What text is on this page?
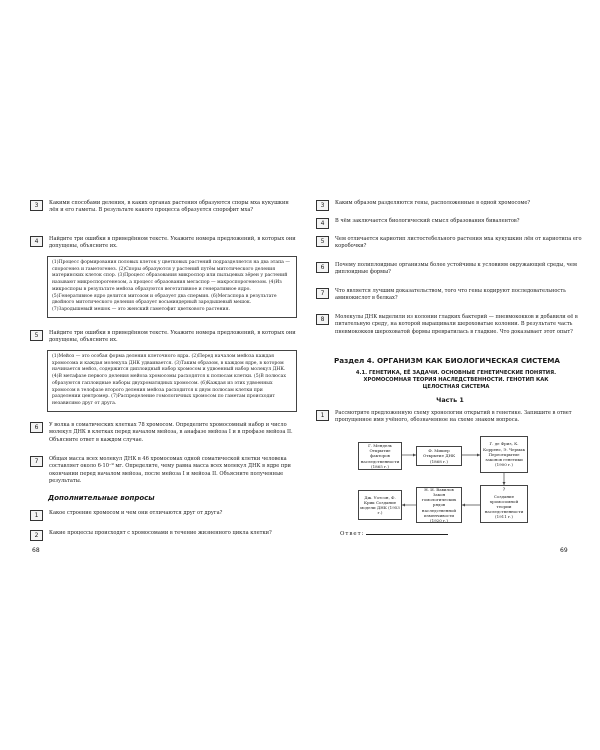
3	Какими способами деления, в каких органах растения образуются споры мха кукушкин лён и его гаметы. В результате какого процесса образуется спорофит мха?
4	Найдите три ошибки в приведённом тексте. Укажите номера предложений, в которых они допущены, объясните их.
(1)Процесс формирования половых клеток у цветковых растений подразделяется на два этапа — спорогенез и гаметогенез. (2)Споры образуются у растений путём митотического деления материнских клеток спор. (3)Процесс образования микроспор или пыльцевых зёрен у растений называют микроспорогенезом, а процесс образования мегаспор — макроспорогенезом. (4)Из микроспоры в результате мейоза образуются вегетативное и генеративное ядро. (5)Генеративное ядро делится митозом и образует два спермия. (6)Мегаспора в результате двойного митотического деления образует восьмиядерный зародышевый мешок. (7)Зародышевый мешок — это женский гаметофит цветкового растения.
5	Найдите три ошибки в приведённом тексте. Укажите номера предложений, в которых они допущены, объясните их.
(1)Мейоз — это особая форма деления клеточного ядра. (2)Перед началом мейоза каждая хромосома и каждая молекула ДНК удваивается. (3)Таким образом, в каждом ядре, в котором начинается мейоз, содержится диплоидный набор хромосом и удвоенный набор молекул ДНК. (4)В метафазе первого деления мейоза хромосомы расходятся к полюсам клетки. (5)В полюсах образуются гаплоидные наборы двухроматидных хромосом. (6)Каждая из этих удвоенных хромосом в телофазе второго деления мейоза расходится к двум полюсам клетки при разделении центромер. (7)Распределение гомологичных хромосом по гаметам происходит независимо друг от друга.
6	У волка в соматических клетках 78 хромосом. Определите хромосомный набор и число молекул ДНК в клетках перед началом мейоза, в анафазе мейоза I и в профазе мейоза II. Объясните ответ в каждом случае.
7	Общая масса всех молекул ДНК в 46 хромосомах одной соматической клетки человека составляет около 6·10⁻⁹ мг. Определите, чему равна масса всех молекул ДНК в ядре при окончании перед началом мейоза, после мейоза I и мейоза II. Объясните полученные результаты.
Дополнительные вопросы
1	Какое строение хромосом и чем они отличаются друг от друга?
2	Какие процессы происходят с хромосомами в течение жизненного цикла клетки?
68
3	Каким образом разделяются гены, расположенные в одной хромосоме?
4	В чём заключается биологический смысл образования бивалентов?
5	Чем отличается кариотип листостебельного растения мха кукушкин лён от кариотипа его коробочки?
6	Почему полиплоидные организмы более устойчивы к условиям окружающей среды, чем диплоидные формы?
7	Что является лучшим доказательством, того что гены кодируют последовательность аминокислот в белках?
8	Молекулы ДНК выделили из колонии гладких бактерий — пневмококков и добавили её в питательную среду, на которой выращивали шероховатые колонии. В результате часть пневмококков шероховатой формы превратилась в гладкие. Что доказывает этот опыт?
Раздел 4. ОРГАНИЗМ КАК БИОЛОГИЧЕСКАЯ СИСТЕМА
4.1. ГЕНЕТИКА, ЕЁ ЗАДАЧИ. ОСНОВНЫЕ ГЕНЕТИЧЕСКИЕ ПОНЯТИЯ. ХРОМОСОМНАЯ ТЕОРИЯ НАСЛЕДСТВЕННОСТИ. ГЕНОТИП КАК ЦЕЛОСТНАЯ СИСТЕМА
Часть 1
1	Рассмотрите предложенную схему хронологии открытий в генетике. Запишите в ответ пропущенное имя учёного, обозначенное на схеме знаком вопроса.
Г. Мендель Открытие факторов наследственности (1865 г.)
Ф. Мишер Открытие ДНК (1868 г.)
Г. де Фриз, К. Корренс, Э. Чермак Переоткрытие законов генетики (1900 г.)
?
Создание хромосомной теории наследственности (1911 г.)
Н. И. Вавилов Закон гомологических рядов наследственной изменчивости (1920 г.)
Дж. Уотсон, Ф. Крик Создание модели ДНК (1953 г.)
Ответ:
69
